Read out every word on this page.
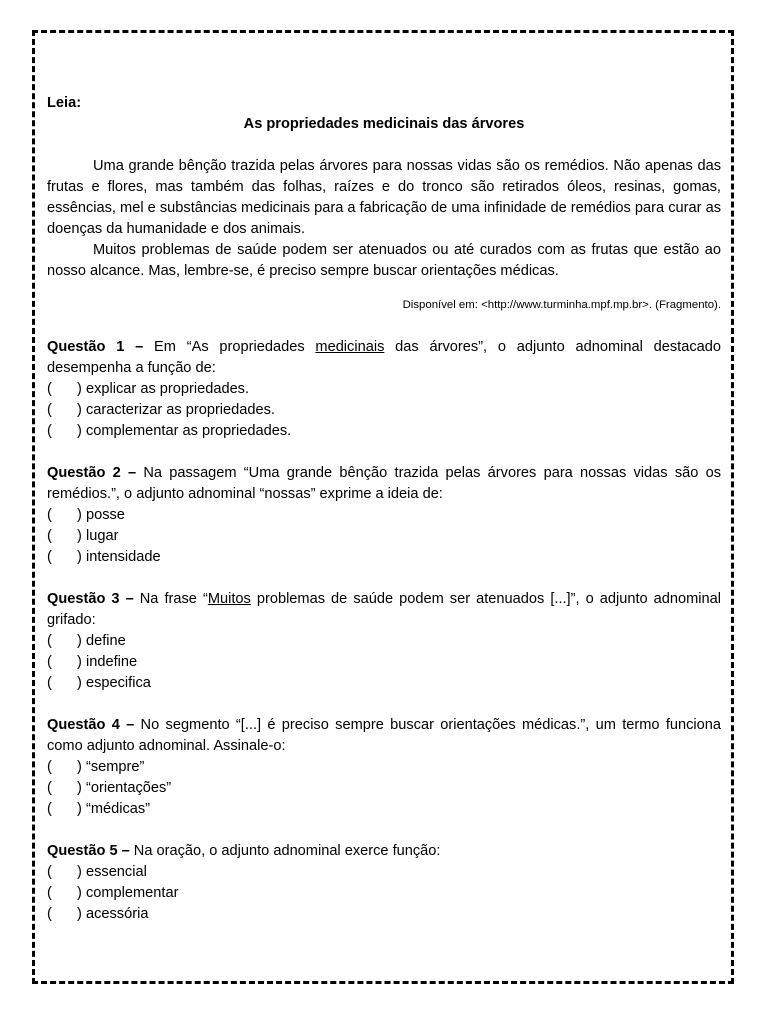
Leia:

As propriedades medicinais das árvores

Uma grande bênção trazida pelas árvores para nossas vidas são os remédios. Não apenas das frutas e flores, mas também das folhas, raízes e do tronco são retirados óleos, resinas, gomas, essências, mel e substâncias medicinais para a fabricação de uma infinidade de remédios para curar as doenças da humanidade e dos animais.

Muitos problemas de saúde podem ser atenuados ou até curados com as frutas que estão ao nosso alcance. Mas, lembre-se, é preciso sempre buscar orientações médicas.

Disponível em: <http://www.turminha.mpf.mp.br>. (Fragmento).

Questão 1 – Em “As propriedades medicinais das árvores”, o adjunto adnominal destacado desempenha a função de:

( ) explicar as propriedades.
( ) caracterizar as propriedades.
( ) complementar as propriedades.

Questão 2 – Na passagem “Uma grande bênção trazida pelas árvores para nossas vidas são os remédios.”, o adjunto adnominal “nossas” exprime a ideia de:

( ) posse
( ) lugar
( ) intensidade

Questão 3 – Na frase “Muitos problemas de saúde podem ser atenuados [...]”, o adjunto adnominal grifado:

( ) define
( ) indefine
( ) especifica

Questão 4 – No segmento “[...] é preciso sempre buscar orientações médicas.”, um termo funciona como adjunto adnominal. Assinale-o:

( ) “sempre”
( ) “orientações”
( ) “médicas”

Questão 5 – Na oração, o adjunto adnominal exerce função:

( ) essencial
( ) complementar
( ) acessória
